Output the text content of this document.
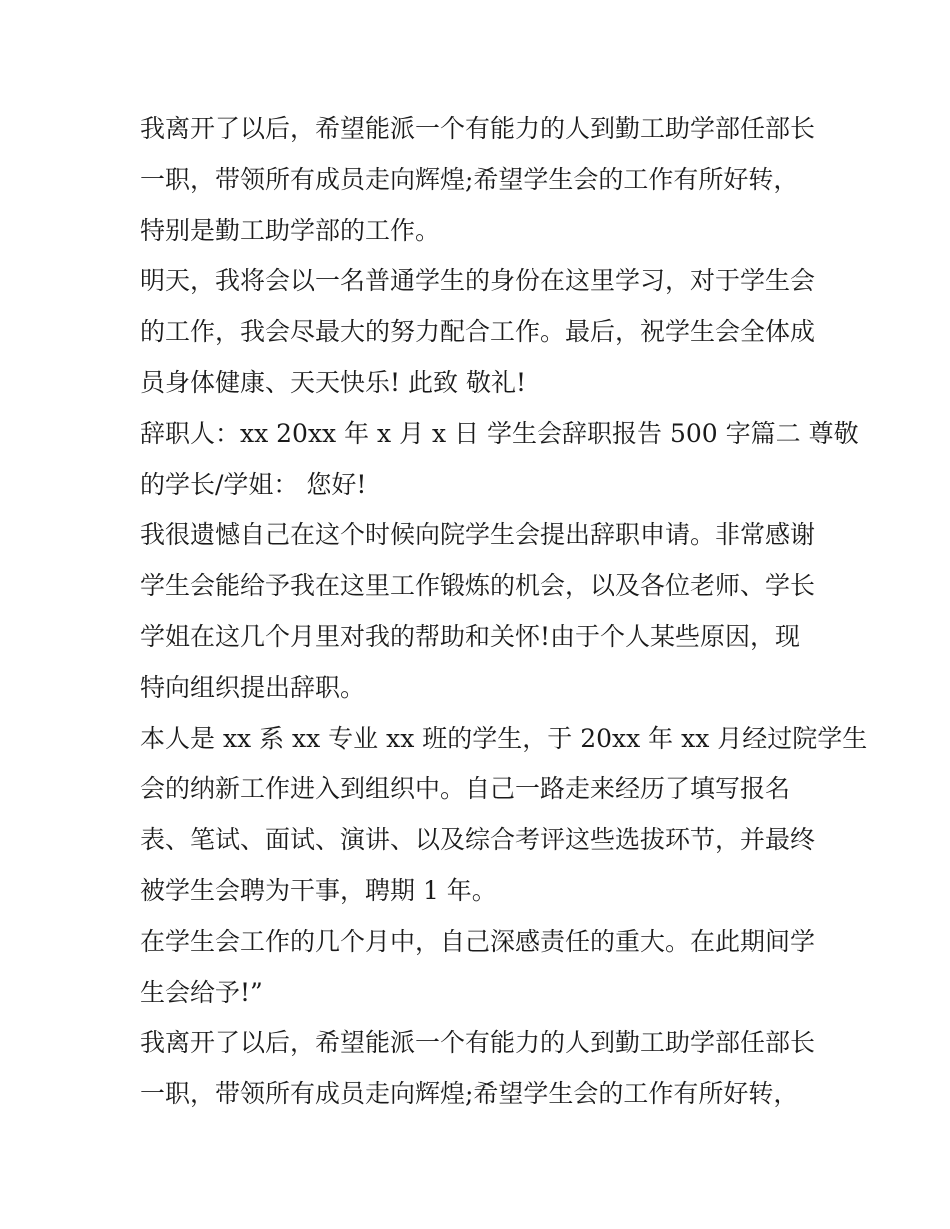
我离开了以后，希望能派一个有能力的人到勤工助学部任部长
一职，带领所有成员走向辉煌;希望学生会的工作有所好转，
特别是勤工助学部的工作。
明天，我将会以一名普通学生的身份在这里学习，对于学生会
的工作，我会尽最大的努力配合工作。最后，祝学生会全体成
员身体健康、天天快乐! 此致 敬礼!
辞职人：xx 20xx 年 x 月 x 日 学生会辞职报告 500 字篇二 尊敬
的学长/学姐： 您好!
我很遗憾自己在这个时候向院学生会提出辞职申请。非常感谢
学生会能给予我在这里工作锻炼的机会，以及各位老师、学长
学姐在这几个月里对我的帮助和关怀!由于个人某些原因，现
特向组织提出辞职。
本人是 xx 系 xx 专业 xx 班的学生，于 20xx 年 xx 月经过院学生
会的纳新工作进入到组织中。自己一路走来经历了填写报名
表、笔试、面试、演讲、以及综合考评这些选拔环节，并最终
被学生会聘为干事，聘期 1 年。
在学生会工作的几个月中，自己深感责任的重大。在此期间学
生会给予!”
我离开了以后，希望能派一个有能力的人到勤工助学部任部长
一职，带领所有成员走向辉煌;希望学生会的工作有所好转，
